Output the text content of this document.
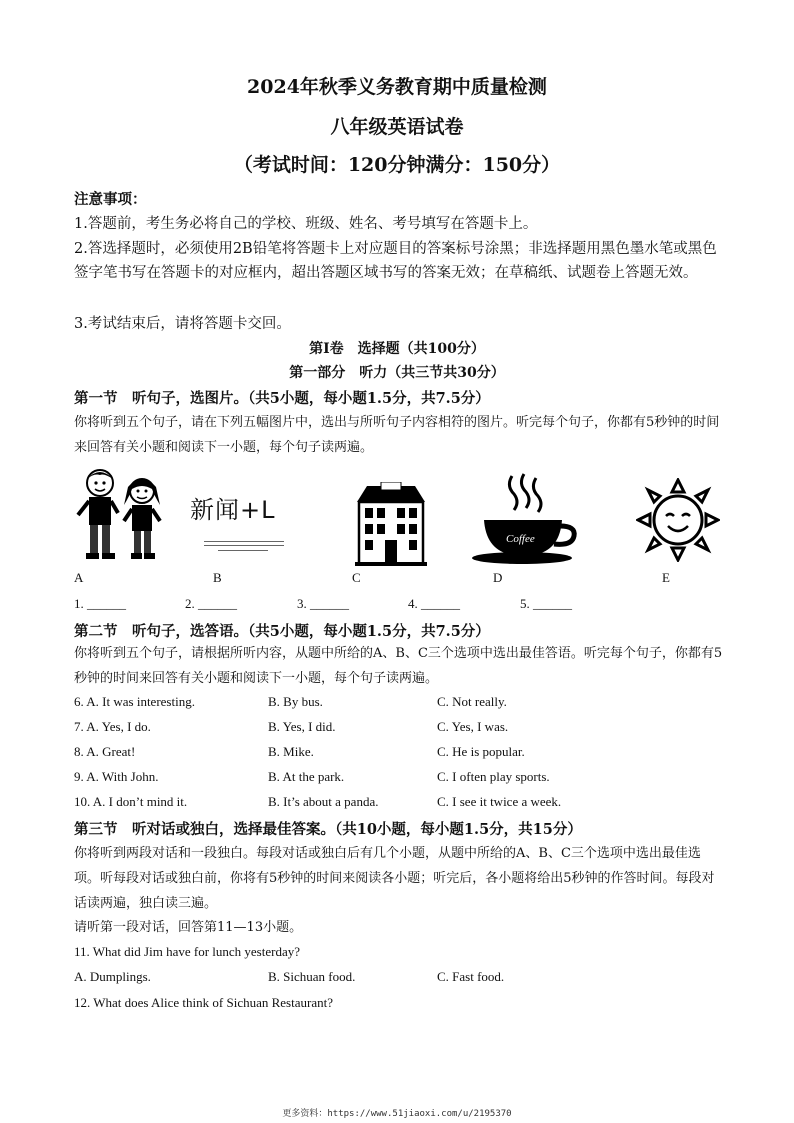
2024年秋季义务教育期中质量检测
八年级英语试卷
（考试时间：120分钟满分：150分）
注意事项：
1.答题前，考生务必将自己的学校、班级、姓名、考号填写在答题卡上。
2.答选择题时，必须使用2B铅笔将答题卡上对应题目的答案标号涂黑；非选择题用黑色墨水笔或黑色签字笔书写在答题卡的对应框内，超出答题区域书写的答案无效；在草稿纸、试题卷上答题无效。
3.考试结束后，请将答题卡交回。
第Ⅰ卷　选择题（共100分）
第一部分　听力（共三节共30分）
第一节　听句子，选图片。（共5小题，每小题1.5分，共7.5分）
你将听到五个句子，请在下列五幅图片中，选出与所听句子内容相符的图片。听完每个句子，你都有5秒钟的时间来回答有关小题和阅读下一小题，每个句子读两遍。
新闻+L
Coffee
A	B	C	D	E
1. ______	2. ______	3. ______	4. ______	5. ______
第二节　听句子，选答语。（共5小题，每小题1.5分，共7.5分）
你将听到五个句子，请根据所听内容，从题中所给的A、B、C三个选项中选出最佳答语。听完每个句子，你都有5秒钟的时间来回答有关小题和阅读下一小题，每个句子读两遍。
6. A. It was interesting.	B. By bus.	C. Not really.
7. A. Yes, I do.	B. Yes, I did.	C. Yes, I was.
8. A. Great!	B. Mike.	C. He is popular.
9. A. With John.	B. At the park.	C. I often play sports.
10. A. I don’t mind it.	B. It’s about a panda.	C. I see it twice a week.
第三节　听对话或独白，选择最佳答案。（共10小题，每小题1.5分，共15分）
你将听到两段对话和一段独白。每段对话或独白后有几个小题，从题中所给的A、B、C三个选项中选出最佳选项。听每段对话或独白前，你将有5秒钟的时间来阅读各小题；听完后，各小题将给出5秒钟的作答时间。每段对话读两遍，独白读三遍。
请听第一段对话，回答第11—13小题。
11. What did Jim have for lunch yesterday?
A. Dumplings.	B. Sichuan food.	C. Fast food.
12. What does Alice think of Sichuan Restaurant?
更多资料：https://www.51jiaoxi.com/u/2195370
